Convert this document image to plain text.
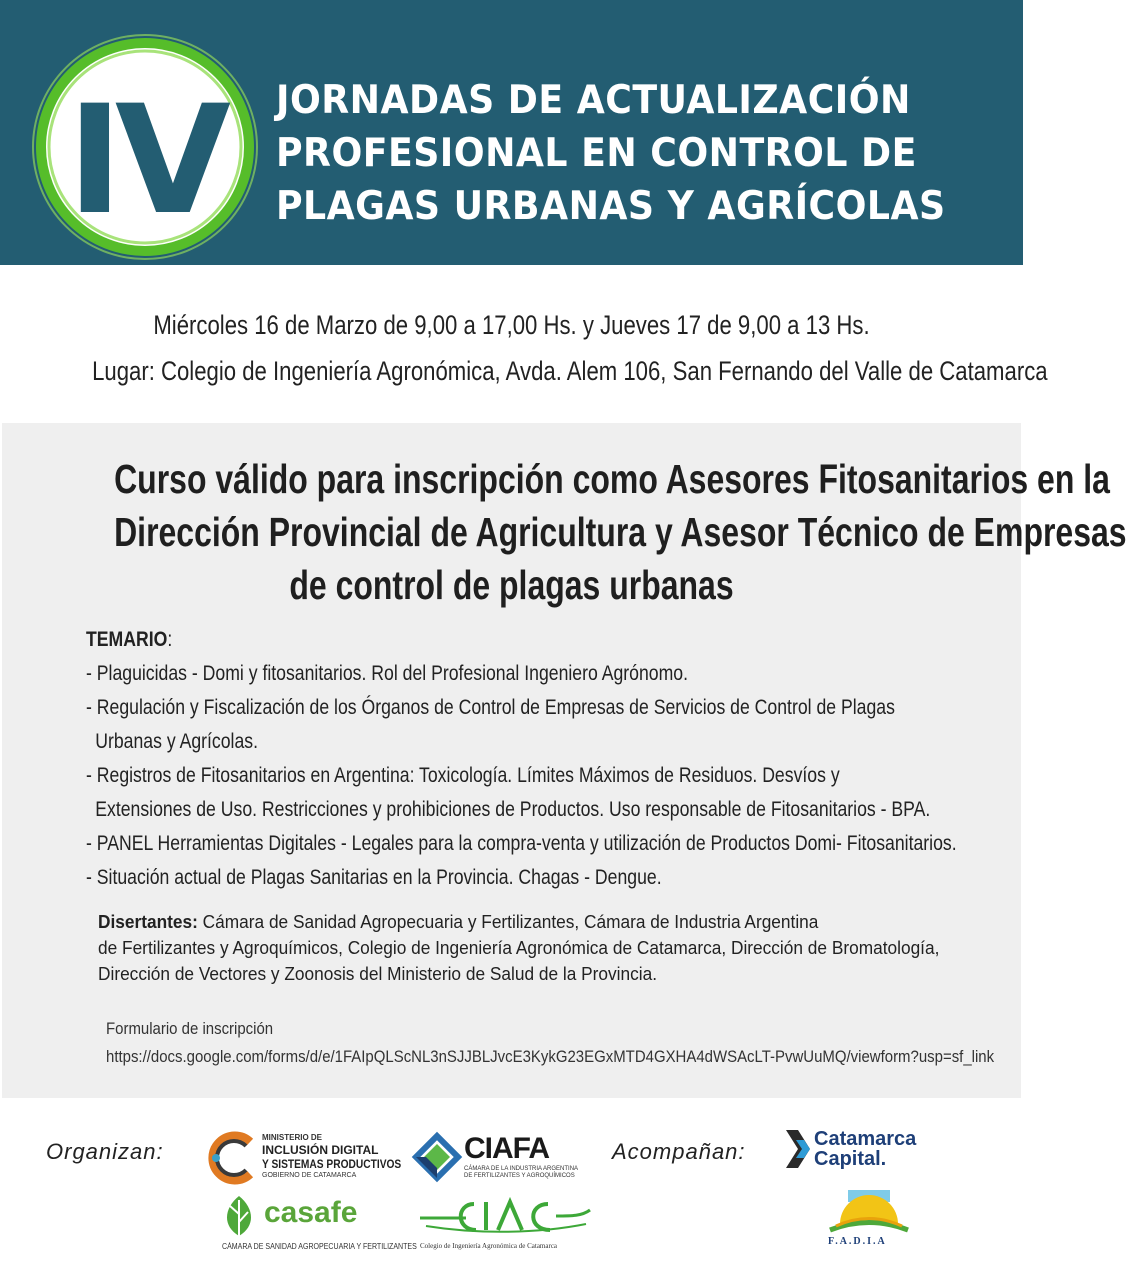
IV JORNADAS DE ACTUALIZACIÓN
PROFESIONAL EN CONTROL DE
PLAGAS URBANAS Y AGRÍCOLAS
Miércoles 16 de Marzo de 9,00 a 17,00 Hs. y Jueves 17 de 9,00 a 13 Hs.
Lugar: Colegio de Ingeniería Agronómica, Avda. Alem 106, San Fernando del Valle de Catamarca
Curso válido para inscripción como Asesores Fitosanitarios en la
Dirección Provincial de Agricultura y Asesor Técnico de Empresas
de control de plagas urbanas
TEMARIO:
- Plaguicidas - Domi y fitosanitarios. Rol del Profesional Ingeniero Agrónomo.
- Regulación y Fiscalización de los Órganos de Control de Empresas de Servicios de Control de Plagas
Urbanas y Agrícolas.
- Registros de Fitosanitarios en Argentina: Toxicología. Límites Máximos de Residuos. Desvíos y
Extensiones de Uso. Restricciones y prohibiciones de Productos. Uso responsable de Fitosanitarios - BPA.
- PANEL Herramientas Digitales - Legales para la compra-venta y utilización de Productos Domi- Fitosanitarios.
- Situación actual de Plagas Sanitarias en la Provincia. Chagas - Dengue.
Disertantes: Cámara de Sanidad Agropecuaria y Fertilizantes, Cámara de Industria Argentina
de Fertilizantes y Agroquímicos, Colegio de Ingeniería Agronómica de Catamarca, Dirección de Bromatología,
Dirección de Vectores y Zoonosis del Ministerio de Salud de la Provincia.
Formulario de inscripción
https://docs.google.com/forms/d/e/1FAIpQLScNL3nSJJBLJvcE3KykG23EGxMTD4GXHA4dWSAcLT-PvwUuMQ/viewform?usp=sf_link
Organizan:	Acompañan:
MINISTERIO DE
INCLUSIÓN DIGITAL
Y SISTEMAS PRODUCTIVOS
GOBIERNO DE CATAMARCA
CIAFA
CÁMARA DE LA INDUSTRIA ARGENTINA
DE FERTILIZANTES Y AGROQUÍMICOS
Catamarca
Capital.
casafe
CÁMARA DE SANIDAD AGROPECUARIA Y FERTILIZANTES Colegio de Ingeniería Agronómica de Catamarca	F.A.D.I.A
